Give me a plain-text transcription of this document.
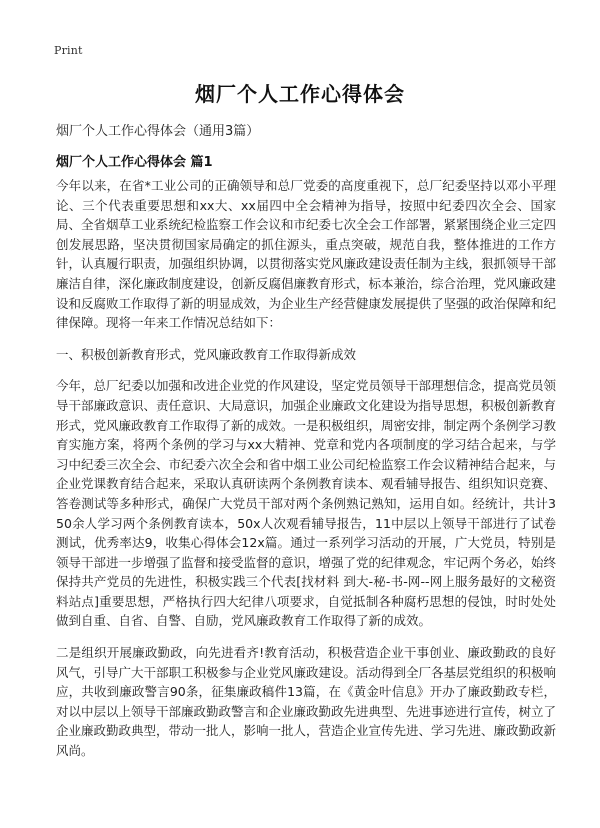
Print
烟厂个人工作心得体会
烟厂个人工作心得体会（通用3篇）
烟厂个人工作心得体会 篇1

今年以来，在省*工业公司的正确领导和总厂党委的高度重视下，总厂纪委坚持以邓小平理论、三个代表重要思想和xx大、xx届四中全会精神为指导，按照中纪委四次全会、国家局、全省烟草工业系统纪检监察工作会议和市纪委七次全会工作部署，紧紧围绕企业三定四创发展思路，坚决贯彻国家局确定的抓住源头，重点突破，规范自我，整体推进的工作方针，认真履行职责，加强组织协调，以贯彻落实党风廉政建设责任制为主线，狠抓领导干部廉洁自律，深化廉政制度建设，创新反腐倡廉教育形式，标本兼治，综合治理，党风廉政建设和反腐败工作取得了新的明显成效，为企业生产经营健康发展提供了坚强的政治保障和纪律保障。现将一年来工作情况总结如下：

一、积极创新教育形式，党风廉政教育工作取得新成效

今年，总厂纪委以加强和改进企业党的作风建设，坚定党员领导干部理想信念，提高党员领导干部廉政意识、责任意识、大局意识，加强企业廉政文化建设为指导思想，积极创新教育形式，党风廉政教育工作取得了新的成效。一是积极组织，周密安排，制定两个条例学习教育实施方案，将两个条例的学习与xx大精神、党章和党内各项制度的学习结合起来，与学习中纪委三次全会、市纪委六次全会和省中烟工业公司纪检监察工作会议精神结合起来，与企业党课教育结合起来，采取认真研读两个条例教育读本、观看辅导报告、组织知识竞赛、答卷测试等多种形式，确保广大党员干部对两个条例熟记熟知，运用自如。经统计，共计350余人学习两个条例教育读本，50x人次观看辅导报告，11中层以上领导干部进行了试卷测试，优秀率达9，收集心得体会12x篇。通过一系列学习活动的开展，广大党员，特别是领导干部进一步增强了监督和接受监督的意识，增强了党的纪律观念，牢记两个务必，始终保持共产党员的先进性，积极实践三个代表[找材料 到大-秘-书-网--网上服务最好的文秘资料站点]重要思想，严格执行四大纪律八项要求，自觉抵制各种腐朽思想的侵蚀，时时处处做到自重、自省、自警、自励，党风廉政教育工作取得了新的成效。

二是组织开展廉政勤政，向先进看齐!教育活动，积极营造企业干事创业、廉政勤政的良好风气，引导广大干部职工积极参与企业党风廉政建设。活动得到全厂各基层党组织的积极响应，共收到廉政警言90条，征集廉政稿件13篇，在《黄金叶信息》开办了廉政勤政专栏，对以中层以上领导干部廉政勤政警言和企业廉政勤政先进典型、先进事迹进行宣传，树立了企业廉政勤政典型，带动一批人，影响一批人，营造企业宣传先进、学习先进、廉政勤政新风尚。
